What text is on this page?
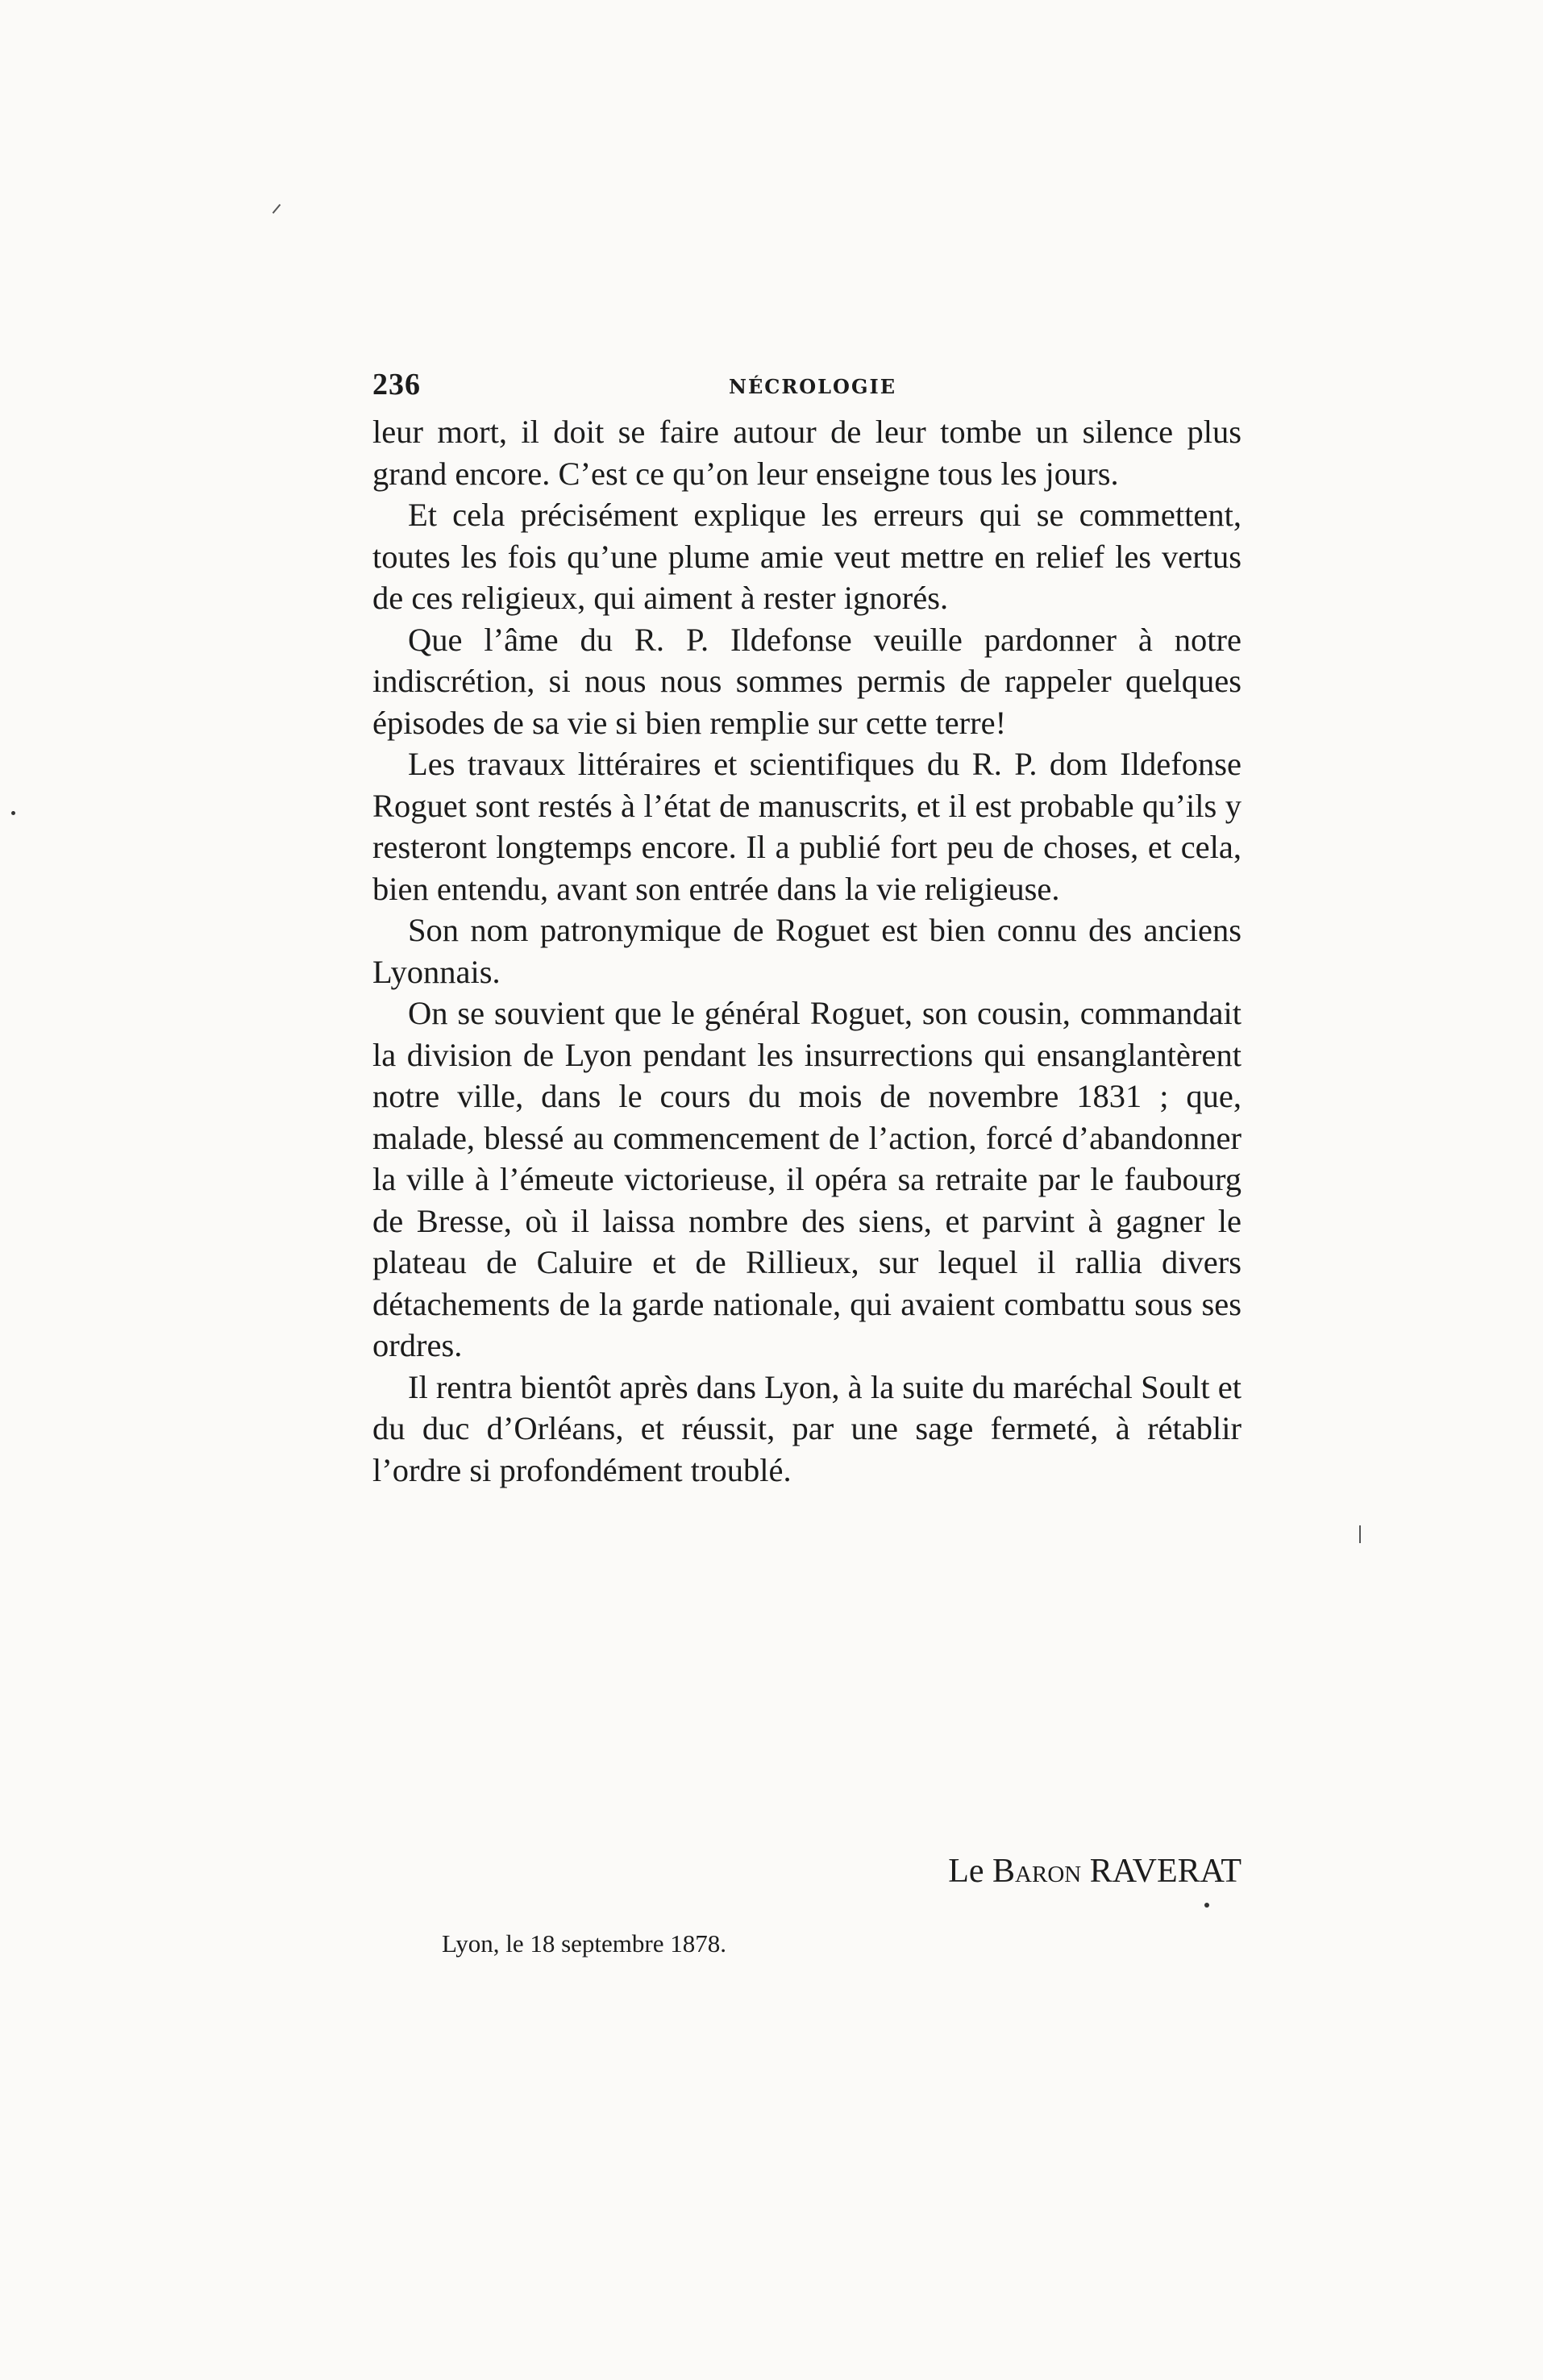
236	NÉCROLOGIE

leur mort, il doit se faire autour de leur tombe un silence plus grand encore. C’est ce qu’on leur enseigne tous les jours.

Et cela précisément explique les erreurs qui se commettent, toutes les fois qu’une plume amie veut mettre en relief les vertus de ces religieux, qui aiment à rester ignorés.

Que l’âme du R. P. Ildefonse veuille pardonner à notre indiscrétion, si nous nous sommes permis de rappeler quelques épisodes de sa vie si bien remplie sur cette terre!

Les travaux littéraires et scientifiques du R. P. dom Ildefonse Roguet sont restés à l’état de manuscrits, et il est probable qu’ils y resteront longtemps encore. Il a publié fort peu de choses, et cela, bien entendu, avant son entrée dans la vie religieuse.

Son nom patronymique de Roguet est bien connu des anciens Lyonnais.

On se souvient que le général Roguet, son cousin, commandait la division de Lyon pendant les insurrections qui ensanglantèrent notre ville, dans le cours du mois de novembre 1831 ; que, malade, blessé au commencement de l’action, forcé d’abandonner la ville à l’émeute victorieuse, il opéra sa retraite par le faubourg de Bresse, où il laissa nombre des siens, et parvint à gagner le plateau de Caluire et de Rillieux, sur lequel il rallia divers détachements de la garde nationale, qui avaient combattu sous ses ordres.

Il rentra bientôt après dans Lyon, à la suite du maréchal Soult et du duc d’Orléans, et réussit, par une sage fermeté, à rétablir l’ordre si profondément troublé.

Le Baron RAVERAT
Lyon, le 18 septembre 1878.
